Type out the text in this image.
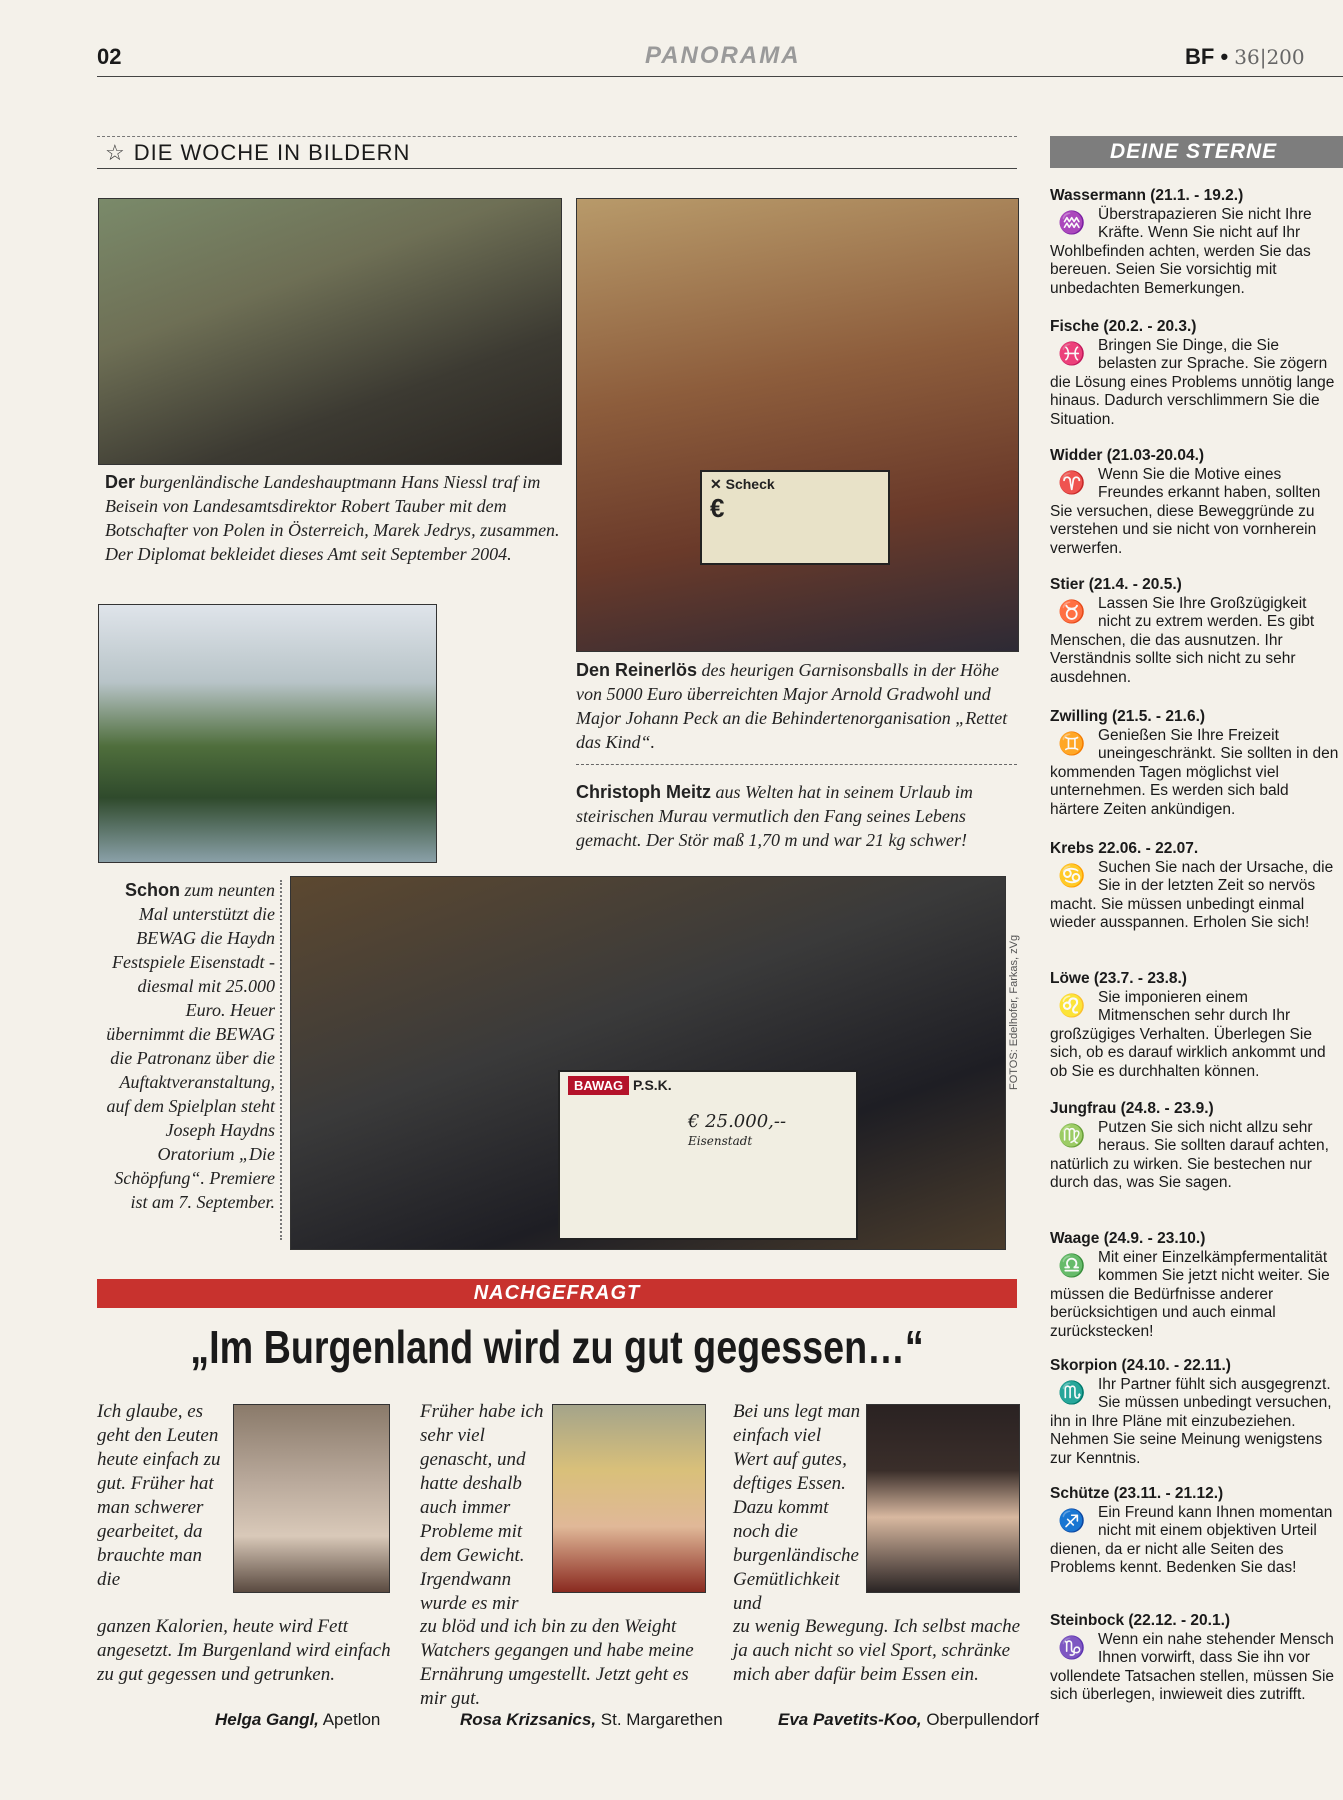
02	PANORAMA	BF • 36|200
☆ DIE WOCHE IN BILDERN
✕ Scheck
€
BAWAG P.S.K.

€ 25.000,--
Eisenstadt
Der burgenländische Landeshauptmann Hans Niessl traf im Beisein von Landesamtsdirektor Robert Tauber mit dem Botschafter von Polen in Österreich, Marek Jedrys, zusammen. Der Diplomat bekleidet dieses Amt seit September 2004.
Den Reinerlös des heurigen Garnisonsballs in der Höhe von 5000 Euro überreichten Major Arnold Gradwohl und Major Johann Peck an die Behindertenorganisation „Rettet das Kind“.
Christoph Meitz aus Welten hat in seinem Urlaub im steirischen Murau vermutlich den Fang seines Lebens gemacht. Der Stör maß 1,70 m und war 21 kg schwer!
Schon zum neunten Mal unterstützt die BEWAG die Haydn Festspiele Eisenstadt - diesmal mit 25.000 Euro. Heuer übernimmt die BEWAG die Patronanz über die Auftaktveranstaltung, auf dem Spielplan steht Joseph Haydns Oratorium „Die Schöpfung“. Premiere ist am 7. September.
FOTOS: Edelhofer, Farkas, zVg
NACHGEFRAGT
„Im Burgenland wird zu gut gegessen…“
Ich glaube, es geht den Leuten heute einfach zu gut. Früher hat man schwerer gearbeitet, da brauchte man die
ganzen Kalorien, heute wird Fett angesetzt. Im Burgenland wird einfach zu gut gegessen und getrunken.
Helga Gangl, Apetlon
Früher habe ich sehr viel genascht, und hatte deshalb auch immer Probleme mit dem Gewicht. Irgendwann wurde es mir
zu blöd und ich bin zu den Weight Watchers gegangen und habe meine Ernährung umgestellt. Jetzt geht es mir gut.
Rosa Krizsanics, St. Margarethen
Bei uns legt man einfach viel Wert auf gutes, deftiges Essen. Dazu kommt noch die burgenländische Gemütlichkeit und
zu wenig Bewegung. Ich selbst mache ja auch nicht so viel Sport, schränke mich aber dafür beim Essen ein.
Eva Pavetits-Koo, Oberpullendorf
DEINE STERNE
Wassermann (21.1. - 19.2.)
♒ Überstrapazieren Sie nicht Ihre Kräfte. Wenn Sie nicht auf Ihr Wohlbefinden achten, werden Sie das bereuen. Seien Sie vorsichtig mit unbedachten Bemerkungen.
Fische (20.2. - 20.3.)
♓ Bringen Sie Dinge, die Sie belasten zur Sprache. Sie zögern die Lösung eines Problems unnötig lange hinaus. Dadurch verschlimmern Sie die Situation.
Widder (21.03-20.04.)
♈ Wenn Sie die Motive eines Freundes erkannt haben, sollten Sie versuchen, diese Beweggründe zu verstehen und sie nicht von vornherein verwerfen.
Stier (21.4. - 20.5.)
♉ Lassen Sie Ihre Großzügigkeit nicht zu extrem werden. Es gibt Menschen, die das ausnutzen. Ihr Verständnis sollte sich nicht zu sehr ausdehnen.
Zwilling (21.5. - 21.6.)
♊ Genießen Sie Ihre Freizeit uneingeschränkt. Sie sollten in den kommenden Tagen möglichst viel unternehmen. Es werden sich bald härtere Zeiten ankündigen.
Krebs 22.06. - 22.07.
♋ Suchen Sie nach der Ursache, die Sie in der letzten Zeit so nervös macht. Sie müssen unbedingt einmal wieder ausspannen. Erholen Sie sich!
Löwe (23.7. - 23.8.)
♌ Sie imponieren einem Mitmenschen sehr durch Ihr großzügiges Verhalten. Überlegen Sie sich, ob es darauf wirklich ankommt und ob Sie es durchhalten können.
Jungfrau (24.8. - 23.9.)
♍ Putzen Sie sich nicht allzu sehr heraus. Sie sollten darauf achten, natürlich zu wirken. Sie bestechen nur durch das, was Sie sagen.
Waage (24.9. - 23.10.)
♎ Mit einer Einzelkämpfermentalität kommen Sie jetzt nicht weiter. Sie müssen die Bedürfnisse anderer berücksichtigen und auch einmal zurückstecken!
Skorpion (24.10. - 22.11.)
♏ Ihr Partner fühlt sich ausgegrenzt. Sie müssen unbedingt versuchen, ihn in Ihre Pläne mit einzubeziehen. Nehmen Sie seine Meinung wenigstens zur Kenntnis.
Schütze (23.11. - 21.12.)
♐ Ein Freund kann Ihnen momentan nicht mit einem objektiven Urteil dienen, da er nicht alle Seiten des Problems kennt. Bedenken Sie das!
Steinbock (22.12. - 20.1.)
♑ Wenn ein nahe stehender Mensch Ihnen vorwirft, dass Sie ihn vor vollendete Tatsachen stellen, müssen Sie sich überlegen, inwieweit dies zutrifft.
